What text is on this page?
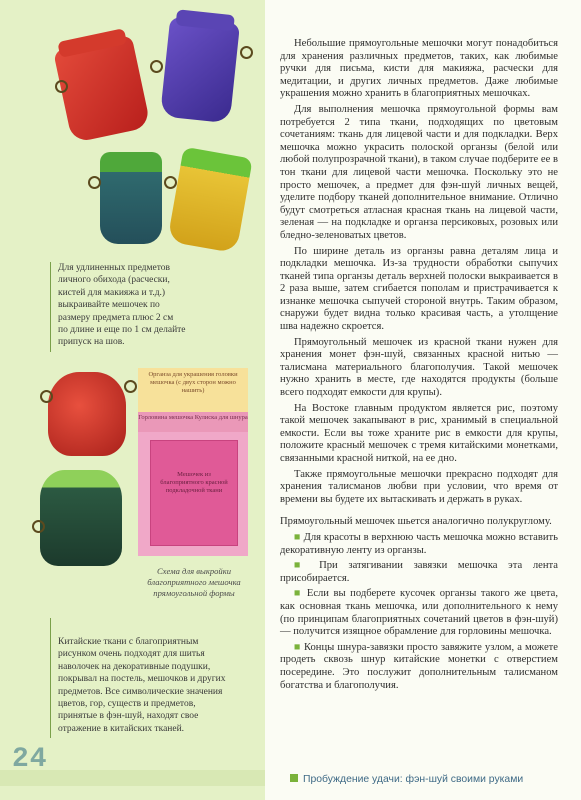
Для удлиненных предметов

личного обихода (расчески,

кистей для макияжа и т.д.)

выкраивайте мешочек по

размеру предмета плюс 2 см

по длине и еще по 1 см делайте

припуск на шов.

Органза для украшения головки мешочка (с двух сторон можно нашить)
Горловина мешочка Кулиска для шнура
Мешочек из благоприятного красной подкладочной ткани
Схема для выкройки благоприятного мешочка прямоугольной формы

Китайские ткани с благоприятным

рисунком очень подходят для шитья

наволочек на декоративные подушки,

покрывал на постель, мешочков и других

предметов. Все символические значения

цветов, гор, существ и предметов,

принятые в фэн-шуй, находят свое

отражение в китайских тканей.

24

Небольшие прямоугольные мешочки могут понадобиться для хранения различных предметов, таких, как любимые ручки для письма, кисти для макияжа, расчески для медитации, и других личных предметов. Даже любимые украшения можно хранить в благоприятных мешочках.

Для выполнения мешочка прямоугольной формы вам потребуется 2 типа ткани, подходящих по цветовым сочетаниям: ткань для лицевой части и для подкладки. Верх мешочка можно украсить полоской органзы (белой или любой полупрозрачной ткани), в таком случае подберите ее в тон ткани для лицевой части мешочка. Поскольку это не просто мешочек, а предмет для фэн-шуй личных вещей, уделите подбору тканей дополнительное внимание. Отлично будут смотреться атласная красная ткань на лицевой части, зеленая — на подкладке и органза персиковых, розовых или бледно-зеленоватых цветов.

По ширине деталь из органзы равна деталям лица и подкладки мешочка. Из-за трудности обработки сыпучих тканей типа органзы деталь верхней полоски выкраивается в 2 раза выше, затем сгибается пополам и пристрачивается к изнанке мешочка сыпучей стороной внутрь. Таким образом, снаружи будет видна только красивая часть, а утолщение шва надежно скроется.

Прямоугольный мешочек из красной ткани нужен для хранения монет фэн-шуй, связанных красной нитью — талисмана материального благополучия. Такой мешочек нужно хранить в месте, где находятся продукты (больше всего подходят емкости для крупы).

На Востоке главным продуктом является рис, поэтому такой мешочек закапывают в рис, хранимый в специальной емкости. Если вы тоже храните рис в емкости для крупы, положите красный мешочек с тремя китайскими монетками, связанными красной ниткой, на ее дно.

Также прямоугольные мешочки прекрасно подходят для хранения талисманов любви при условии, что время от времени вы будете их вытаскивать и держать в руках.

Прямоугольный мешочек шьется аналогично полукруглому.

■ Для красоты в верхнюю часть мешочка можно вставить декоративную ленту из органзы.

■ При затягивании завязки мешочка эта лента присобирается.

■ Если вы подберете кусочек органзы такого же цвета, как основная ткань мешочка, или дополнительного к нему (по принципам благоприятных сочетаний цветов в фэн-шуй) — получится изящное обрамление для горловины мешочка.

■ Концы шнура-завязки просто завяжите узлом, а можете продеть сквозь шнур китайские монетки с отверстием посередине. Это послужит дополнительным талисманом богатства и благополучия.

Пробуждение удачи: фэн-шуй своими руками
